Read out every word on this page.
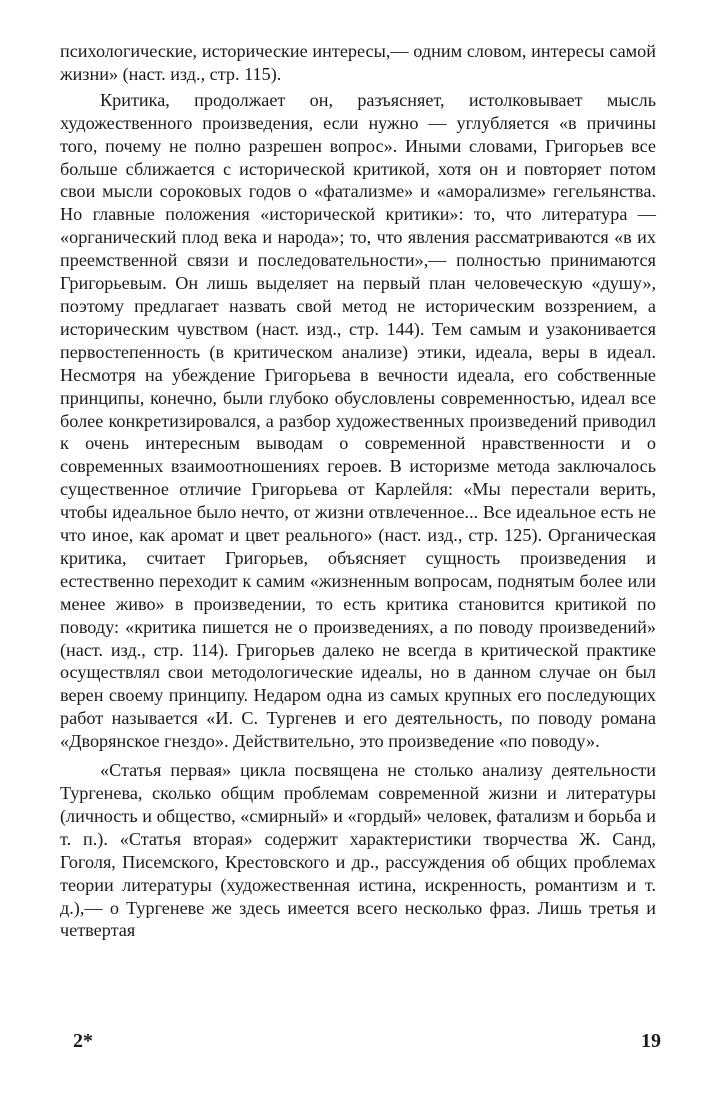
психологические, исторические интересы,— одним словом, интересы самой жизни» (наст. изд., стр. 115).

Критика, продолжает он, разъясняет, истолковывает мысль художественного произведения, если нужно — углубляется «в причины того, почему не полно разрешен вопрос». Иными словами, Григорьев все больше сближается с исторической критикой, хотя он и повторяет потом свои мысли сороковых годов о «фатализме» и «аморализме» гегельянства. Но главные положения «исторической критики»: то, что литература — «органический плод века и народа»; то, что явления рассматриваются «в их преемственной связи и последовательности»,— полностью принимаются Григорьевым. Он лишь выделяет на первый план человеческую «душу», поэтому предлагает назвать свой метод не историческим воззрением, а историческим чувством (наст. изд., стр. 144). Тем самым и узаконивается первостепенность (в критическом анализе) этики, идеала, веры в идеал. Несмотря на убеждение Григорьева в вечности идеала, его собственные принципы, конечно, были глубоко обусловлены современностью, идеал все более конкретизировался, а разбор художественных произведений приводил к очень интересным выводам о современной нравственности и о современных взаимоотношениях героев. В историзме метода заключалось существенное отличие Григорьева от Карлейля: «Мы перестали верить, чтобы идеальное было нечто, от жизни отвлеченное... Все идеальное есть не что иное, как аромат и цвет реального» (наст. изд., стр. 125). Органическая критика, считает Григорьев, объясняет сущность произведения и естественно переходит к самим «жизненным вопросам, поднятым более или менее живо» в произведении, то есть критика становится критикой по поводу: «критика пишется не о произведениях, а по поводу произведений» (наст. изд., стр. 114). Григорьев далеко не всегда в критической практике осуществлял свои методологические идеалы, но в данном случае он был верен своему принципу. Недаром одна из самых крупных его последующих работ называется «И. С. Тургенев и его деятельность, по поводу романа «Дворянское гнездо». Действительно, это произведение «по поводу».

«Статья первая» цикла посвящена не столько анализу деятельности Тургенева, сколько общим проблемам современной жизни и литературы (личность и общество, «смирный» и «гордый» человек, фатализм и борьба и т. п.). «Статья вторая» содержит характеристики творчества Ж. Санд, Гоголя, Писемского, Крестовского и др., рассуждения об общих проблемах теории литературы (художественная истина, искренность, романтизм и т. д.),— о Тургеневе же здесь имеется всего несколько фраз. Лишь третья и четвертая

2*	19
